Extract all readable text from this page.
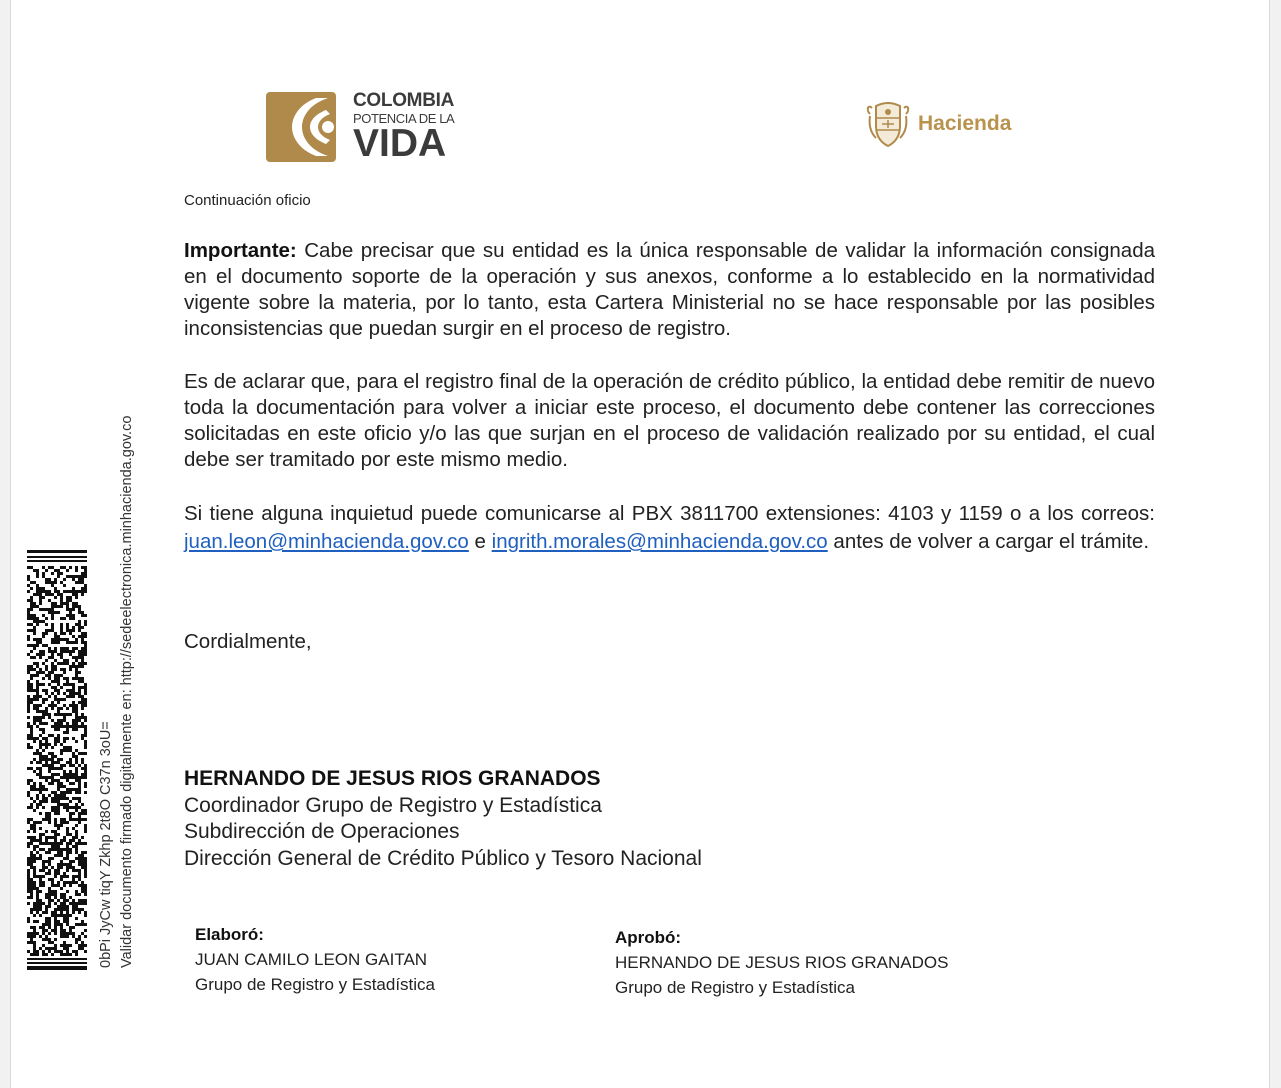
COLOMBIA
POTENCIA DE LA
VIDA	Hacienda
Continuación oficio
Importante: Cabe precisar que su entidad es la única responsable de validar la información consignada en el documento soporte de la operación y sus anexos, conforme a lo establecido en la normatividad vigente sobre la materia, por lo tanto, esta Cartera Ministerial no se hace responsable por las posibles inconsistencias que puedan surgir en el proceso de registro.
Es de aclarar que, para el registro final de la operación de crédito público, la entidad debe remitir de nuevo toda la documentación para volver a iniciar este proceso, el documento debe contener las correcciones solicitadas en este oficio y/o las que surjan en el proceso de validación realizado por su entidad, el cual debe ser tramitado por este mismo medio.
Si tiene alguna inquietud puede comunicarse al PBX 3811700 extensiones: 4103 y 1159 o a los correos: juan.leon@minhacienda.gov.co e ingrith.morales@minhacienda.gov.co antes de volver a cargar el trámite.
Cordialmente,
HERNANDO DE JESUS RIOS GRANADOS
Coordinador Grupo de Registro y Estadística
Subdirección de Operaciones
Dirección General de Crédito Público y Tesoro Nacional
Elaboró:
JUAN CAMILO LEON GAITAN
Grupo de Registro y Estadística
Aprobó:
HERNANDO DE JESUS RIOS GRANADOS
Grupo de Registro y Estadística
Validar documento firmado digitalmente en: http://sedeelectronica.minhacienda.gov.co
0bPi JyCw tiqY Zkhp 2t8O C37n 3oU=
